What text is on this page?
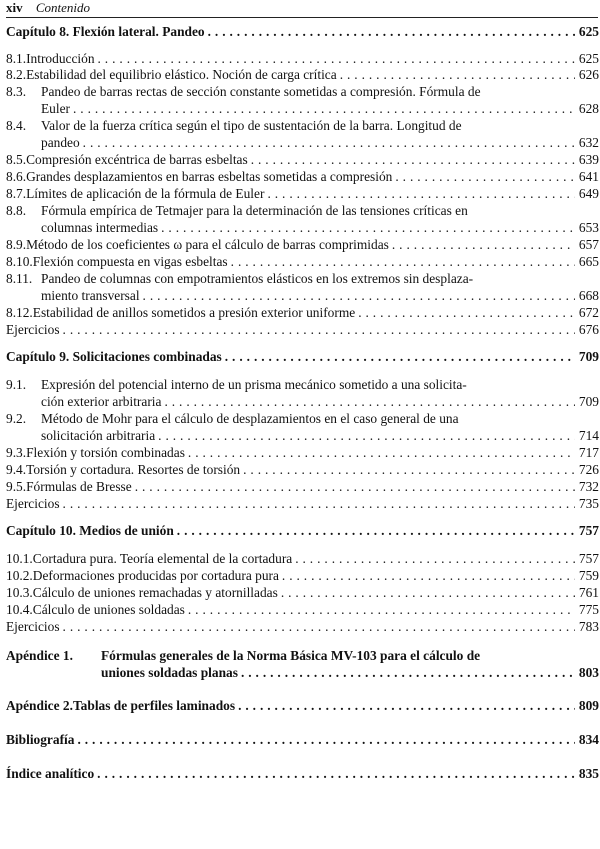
xiv Contenido
Capítulo 8. Flexión lateral. Pandeo . . .	625
8.1. Introducción . . .	625
8.2. Estabilidad del equilibrio elástico. Noción de carga crítica . . .	626
8.3.	Pandeo de barras rectas de sección constante sometidas a compresión. Fórmula de
Euler . . .	628
8.4.	Valor de la fuerza crítica según el tipo de sustentación de la barra. Longitud de
pandeo . . .	632
8.5. Compresión excéntrica de barras esbeltas . . .	639
8.6. Grandes desplazamientos en barras esbeltas sometidas a compresión . . .	641
8.7. Límites de aplicación de la fórmula de Euler . . .	649
8.8.	Fórmula empírica de Tetmajer para la determinación de las tensiones críticas en
columnas intermedias . . .	653
8.9. Método de los coeficientes ω para el cálculo de barras comprimidas . . .	657
8.10. Flexión compuesta en vigas esbeltas . . .	665
8.11. Pandeo de columnas con empotramientos elásticos en los extremos sin desplaza-
miento transversal . . .	668
8.12. Estabilidad de anillos sometidos a presión exterior uniforme . . .	672
Ejercicios . . .	676
Capítulo 9. Solicitaciones combinadas . . .	709
9.1.	Expresión del potencial interno de un prisma mecánico sometido a una solicita-
ción exterior arbitraria . . .	709
9.2.	Método de Mohr para el cálculo de desplazamientos en el caso general de una
solicitación arbitraria . . .	714
9.3. Flexión y torsión combinadas . . .	717
9.4. Torsión y cortadura. Resortes de torsión . . .	726
9.5. Fórmulas de Bresse . . .	732
Ejercicios . . .	735
Capítulo 10. Medios de unión . . .	757
10.1. Cortadura pura. Teoría elemental de la cortadura . . .	757
10.2. Deformaciones producidas por cortadura pura . . .	759
10.3. Cálculo de uniones remachadas y atornilladas . . .	761
10.4. Cálculo de uniones soldadas . . .	775
Ejercicios . . .	783
Apéndice 1.	Fórmulas generales de la Norma Básica MV-103 para el cálculo de
uniones soldadas planas . . .	803
Apéndice 2. Tablas de perfiles laminados . . .	809
Bibliografía . . .	834
Índice analítico . . .	835
